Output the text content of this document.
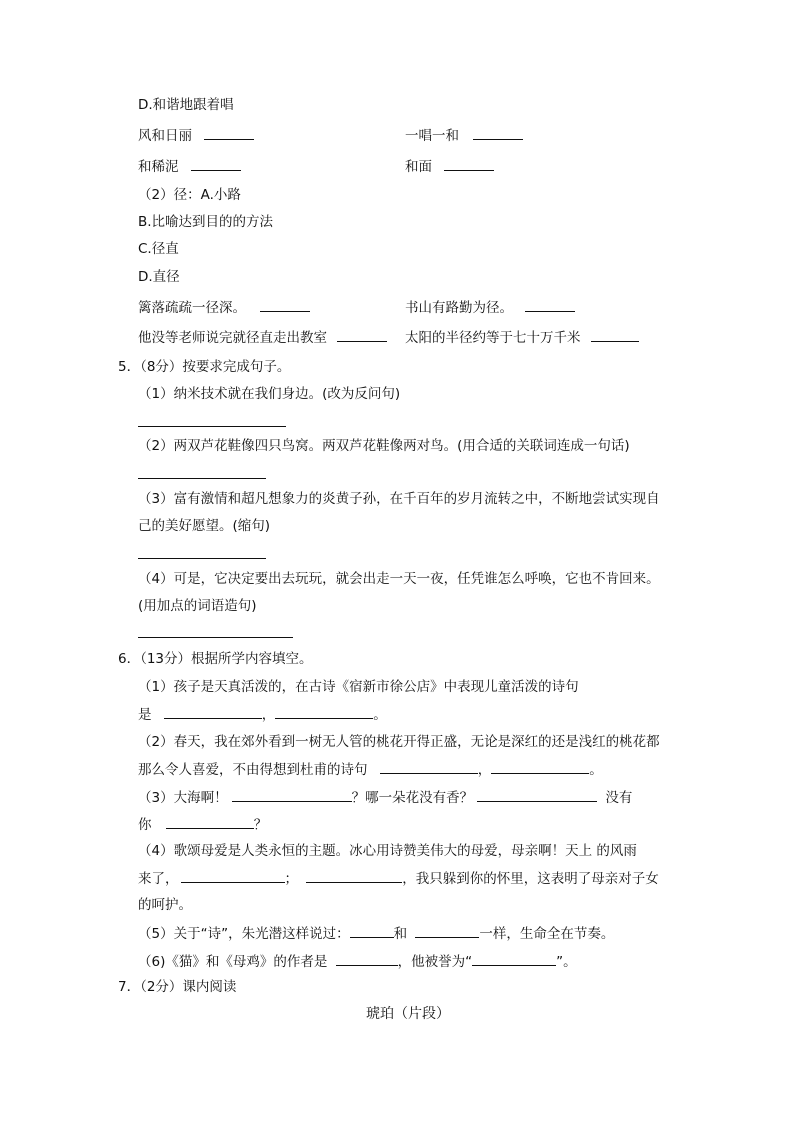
D.和谐地跟着唱
风和日丽	一唱一和
和稀泥	和面
（2）径：A.小路
B.比喻达到目的的方法
C.径直
D.直径
篱落疏疏一径深。	书山有路勤为径。
他没等老师说完就径直走出教室	太阳的半径约等于七十万千米
5．（8分）按要求完成句子。
（1）纳米技术就在我们身边。(改为反问句)
（2）两双芦花鞋像四只鸟窝。两双芦花鞋像两对鸟。(用合适的关联词连成一句话)
（3）富有激情和超凡想象力的炎黄子孙，在千百年的岁月流转之中，不断地尝试实现自
己的美好愿望。(缩句)
（4）可是，它决定要出去玩玩，就会出走一天一夜，任凭谁怎么呼唤，它也不肯回来。
(用加点的词语造句)
6．（13分）根据所学内容填空。
（1）孩子是天真活泼的，在古诗《宿新市徐公店》中表现儿童活泼的诗句
是	，	。
（2）春天，我在郊外看到一树无人管的桃花开得正盛，无论是深红的还是浅红的桃花都
那么令人喜爱，不由得想到杜甫的诗句	，	。
（3）大海啊！	？哪一朵花没有香？	没有
你	？
（4）歌颂母爱是人类永恒的主题。冰心用诗赞美伟大的母爱，母亲啊！天上 的风雨
来了，	；	，我只躲到你的怀里，这表明了母亲对子女
的呵护。
（5）关于“诗”，朱光潜这样说过：	和	一样，生命全在节奏。
（6)《猫》和《母鸡》的作者是	，他被誉为“	”。
7．（2分）课内阅读
琥珀（片段）
